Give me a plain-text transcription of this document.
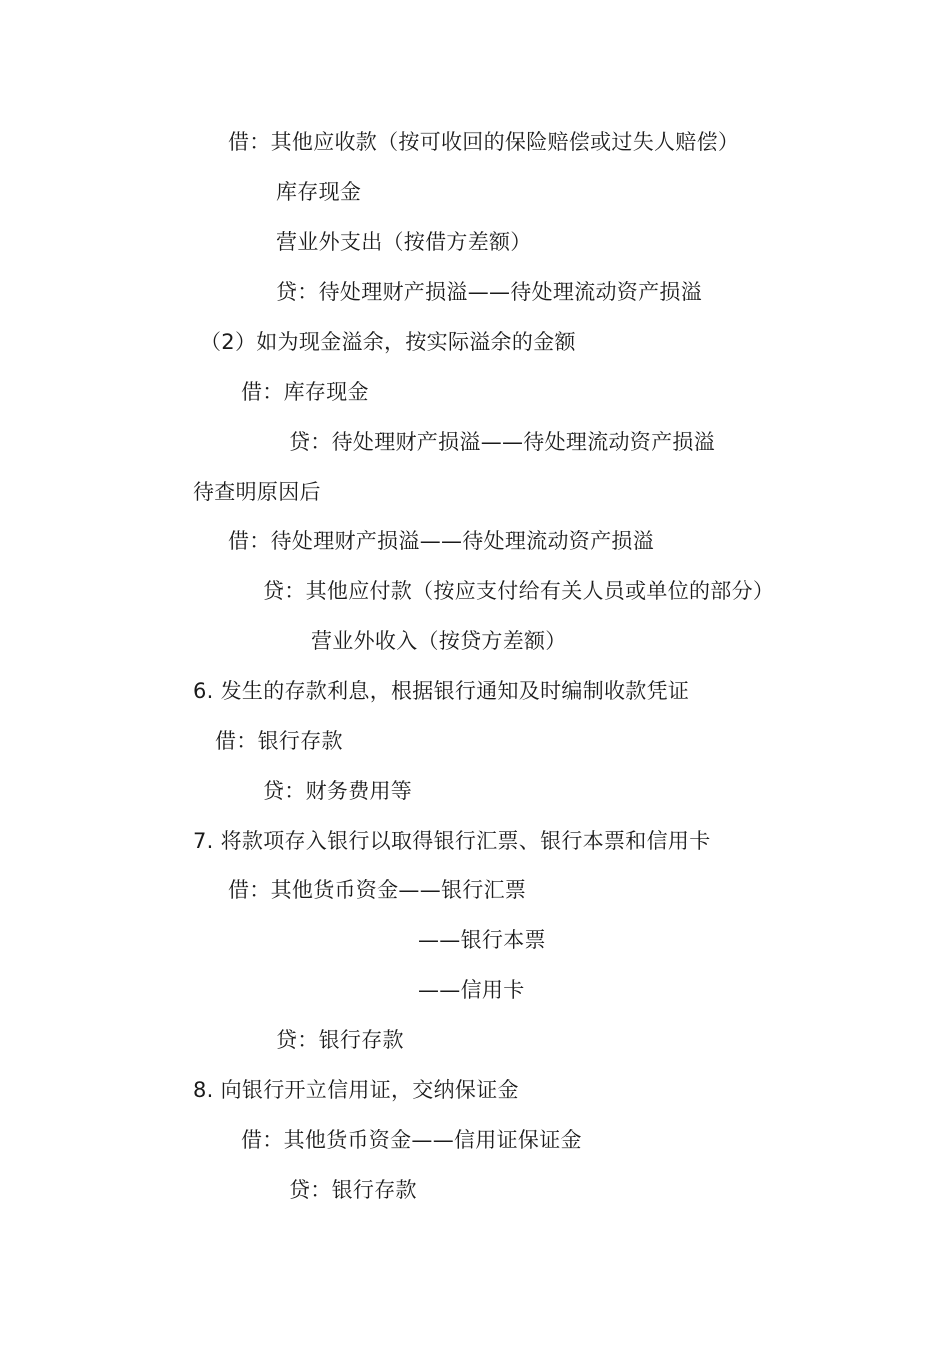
借：其他应收款（按可收回的保险赔偿或过失人赔偿）
库存现金
营业外支出（按借方差额）
贷：待处理财产损溢——待处理流动资产损溢
（2）如为现金溢余，按实际溢余的金额
借：库存现金
贷：待处理财产损溢——待处理流动资产损溢
待查明原因后
借：待处理财产损溢——待处理流动资产损溢
贷：其他应付款（按应支付给有关人员或单位的部分）
营业外收入（按贷方差额）
6. 发生的存款利息，根据银行通知及时编制收款凭证
借：银行存款
贷：财务费用等
7. 将款项存入银行以取得银行汇票、银行本票和信用卡
借：其他货币资金——银行汇票
——银行本票
——信用卡
贷：银行存款
8. 向银行开立信用证，交纳保证金
借：其他货币资金——信用证保证金
贷：银行存款
